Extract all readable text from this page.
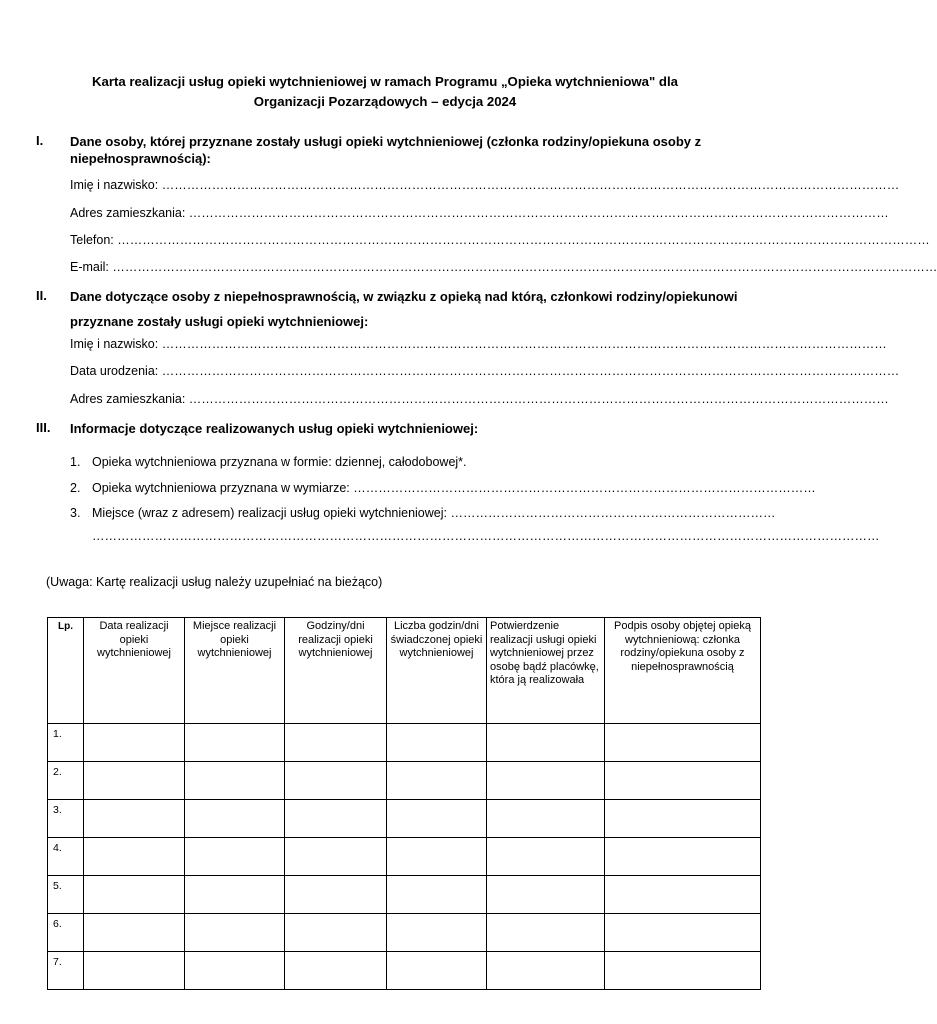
Karta realizacji usług opieki wytchnieniowej w ramach Programu „Opieka wytchnieniowa" dla
Organizacji Pozarządowych – edycja 2024
I. Dane osoby, której przyznane zostały usługi opieki wytchnieniowej (członka rodziny/opiekuna osoby z niepełnosprawnością):
Imię i nazwisko: ……………………………………………………………………………………………………………………………………………………………
Adres zamieszkania: ……………………………………………………………………………………………………………………………………………………
Telefon: ……………………………………………………………………………………………………………………………………………………………………………
E-mail: ………………………………………………………………………………………………………………………………………………………………………………
II. Dane dotyczące osoby z niepełnosprawnością, w związku z opieką nad którą, członkowi rodziny/opiekunowi
przyznane zostały usługi opieki wytchnieniowej:
Imię i nazwisko: …………………………………………………………………………………………………………………………………………………………
Data urodzenia: ……………………………………………………………………………………………………………………………………………………………
Adres zamieszkania: ……………………………………………………………………………………………………………………………………………………
III. Informacje dotyczące realizowanych usług opieki wytchnieniowej:
1. Opieka wytchnieniowa przyznana w formie: dziennej, całodobowej*.
2. Opieka wytchnieniowa przyznana w wymiarze: …………………………………………………………………………………………………
3. Miejsce (wraz z adresem) realizacji usług opieki wytchnieniowej: ……………………………………………………………………
………………………………………………………………………………………………………………………………………………………………………
(Uwaga: Kartę realizacji usług należy uzupełniać na bieżąco)
Lp.	Data realizacji opieki wytchnieniowej	Miejsce realizacji opieki wytchnieniowej	Godziny/dni realizacji opieki wytchnieniowej	Liczba godzin/dni świadczonej opieki wytchnieniowej	Potwierdzenie realizacji usługi opieki wytchnieniowej przez osobę bądź placówkę, która ją realizowała	Podpis osoby objętej opieką wytchnieniową: członka rodziny/opiekuna osoby z niepełnosprawnością
1.						
2.						
3.						
4.						
5.						
6.						
7.						
